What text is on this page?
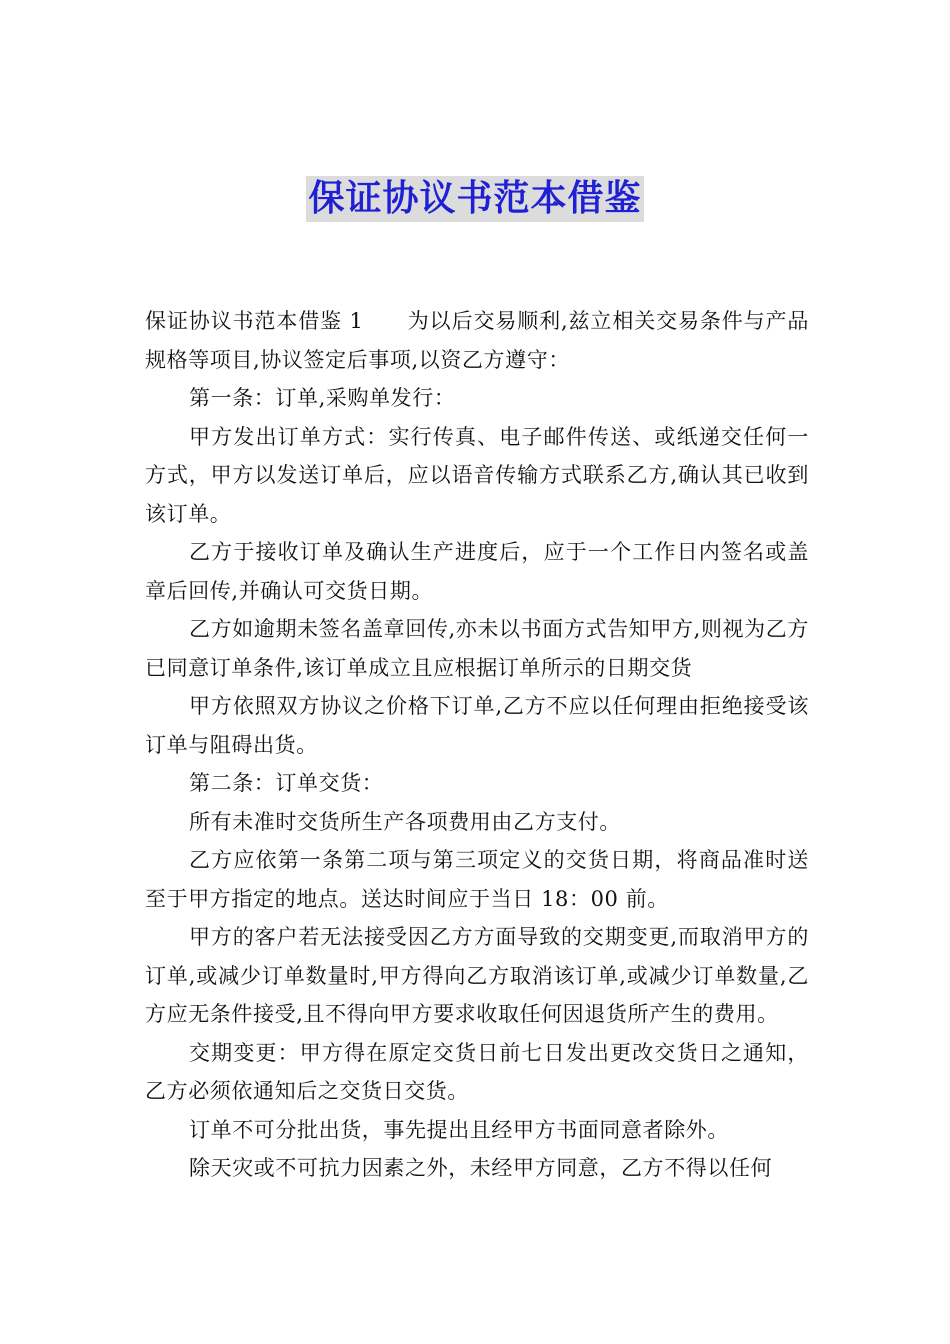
保证协议书范本借鉴

保证协议书范本借鉴 1 为以后交易顺利,兹立相关交易条件与产品规格等项目,协议签定后事项,以资乙方遵守：

第一条：订单,采购单发行：

甲方发出订单方式：实行传真、电子邮件传送、或纸递交任何一方式，甲方以发送订单后，应以语音传输方式联系乙方,确认其已收到该订单。

乙方于接收订单及确认生产进度后，应于一个工作日内签名或盖章后回传,并确认可交货日期。

乙方如逾期未签名盖章回传,亦未以书面方式告知甲方,则视为乙方已同意订单条件,该订单成立且应根据订单所示的日期交货

甲方依照双方协议之价格下订单,乙方不应以任何理由拒绝接受该订单与阻碍出货。

第二条：订单交货：

所有未准时交货所生产各项费用由乙方支付。

乙方应依第一条第二项与第三项定义的交货日期，将商品准时送至于甲方指定的地点。送达时间应于当日 18：00 前。

甲方的客户若无法接受因乙方方面导致的交期变更,而取消甲方的订单,或减少订单数量时,甲方得向乙方取消该订单,或减少订单数量,乙方应无条件接受,且不得向甲方要求收取任何因退货所产生的费用。

交期变更：甲方得在原定交货日前七日发出更改交货日之通知，乙方必须依通知后之交货日交货。

订单不可分批出货，事先提出且经甲方书面同意者除外。

除天灾或不可抗力因素之外，未经甲方同意，乙方不得以任何
